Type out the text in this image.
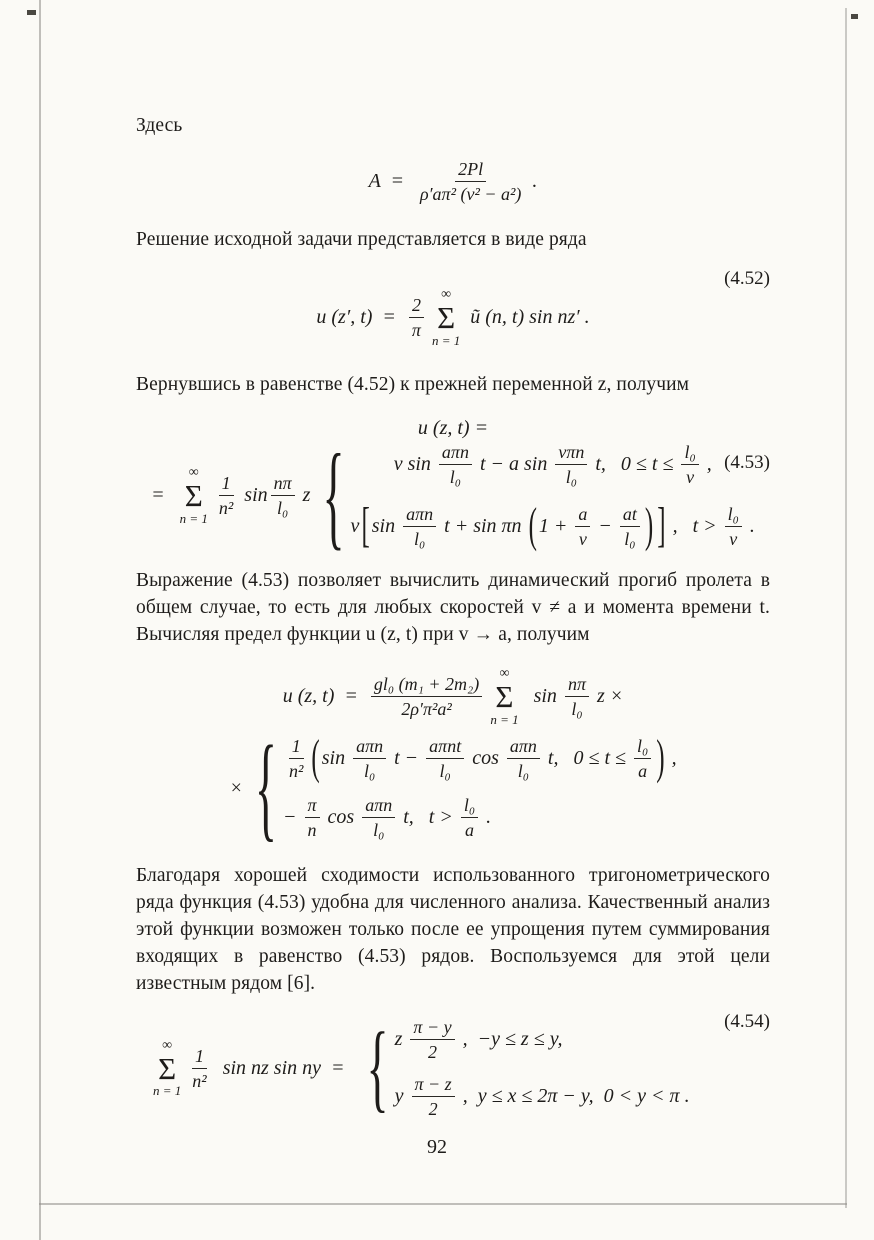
Здесь

$A = \frac{2Pl}{\text{ρ′aπ² (v² − a²)}}$ .

Решение исходной задачи представляется в виде ряда

(4.52)
u (z′, $t) = \frac{2}{\pi}$
∞
Σ
n = 1
ũ (n, t) sin nz′ .

Вернувшись в равенстве (4.52) к прежней переменной z, получим

u (z, t) =
(4.53)
=
∞
Σ
n = 1
$\frac{1}{\text{n²}}$ $\sin \frac{n\pi}{\text{l₀}}$ z { v $\sin \frac{\text{aπn}}{\text{l₀}}$ t − a $\sin \frac{\text{vπn}}{\text{l₀}} t$,   $0 \le t \le \frac{\text{l₀}}{v}$ ,
v [ $\sin \frac{\text{aπn}}{\text{l₀}}$ t + sin πn ( $1 + \frac{a}{v} - \frac{at}{\text{l₀}}$ ) ] ,   $t > \frac{\text{l₀}}{v}$ .

Выражение (4.53) позволяет вычислить динамический прогиб пролета в общем случае, то есть для любых скоростей v ≠ a и момента времени t. Вычисляя предел функции u (z, t) при v → a, получим

u (z, $t) = \frac{\text{gl₀ (m₁ + 2m₂)}}{\text{2ρ′π²a²}}$
∞
Σ
n = 1
$\sin \frac{n\pi}{\text{l₀}}$ z ×
× { $\frac{1}{\text{n²}}$ ( $\sin \frac{\text{aπn}}{\text{l₀}}$ $t - \frac{\text{aπnt}}{\text{l₀}}$ $\cos \frac{\text{aπn}}{\text{l₀}} t$,   $0 \le t \le \frac{\text{l₀}}{a}$ ) ,
− $\frac{\pi}{n}$ $\cos \frac{\text{aπn}}{\text{l₀}} t$,   $t > \frac{\text{l₀}}{a}$ .

Благодаря хорошей сходимости использованного тригонометрического ряда функция (4.53) удобна для численного анализа. Качественный анализ этой функции возможен только после ее упрощения путем суммирования входящих в равенство (4.53) рядов. Воспользуемся для этой цели известным рядом [6].

(4.54)
∞
Σ
n = 1
$\frac{1}{\text{n²}}$ sin nz sin ny  = { z $\frac{\pi - y}{2}$ ,  −y ≤ z ≤ y,
y $\frac{\pi - z}{2}$ ,  y ≤ x ≤ 2π − y,  0 < y < π .
92
